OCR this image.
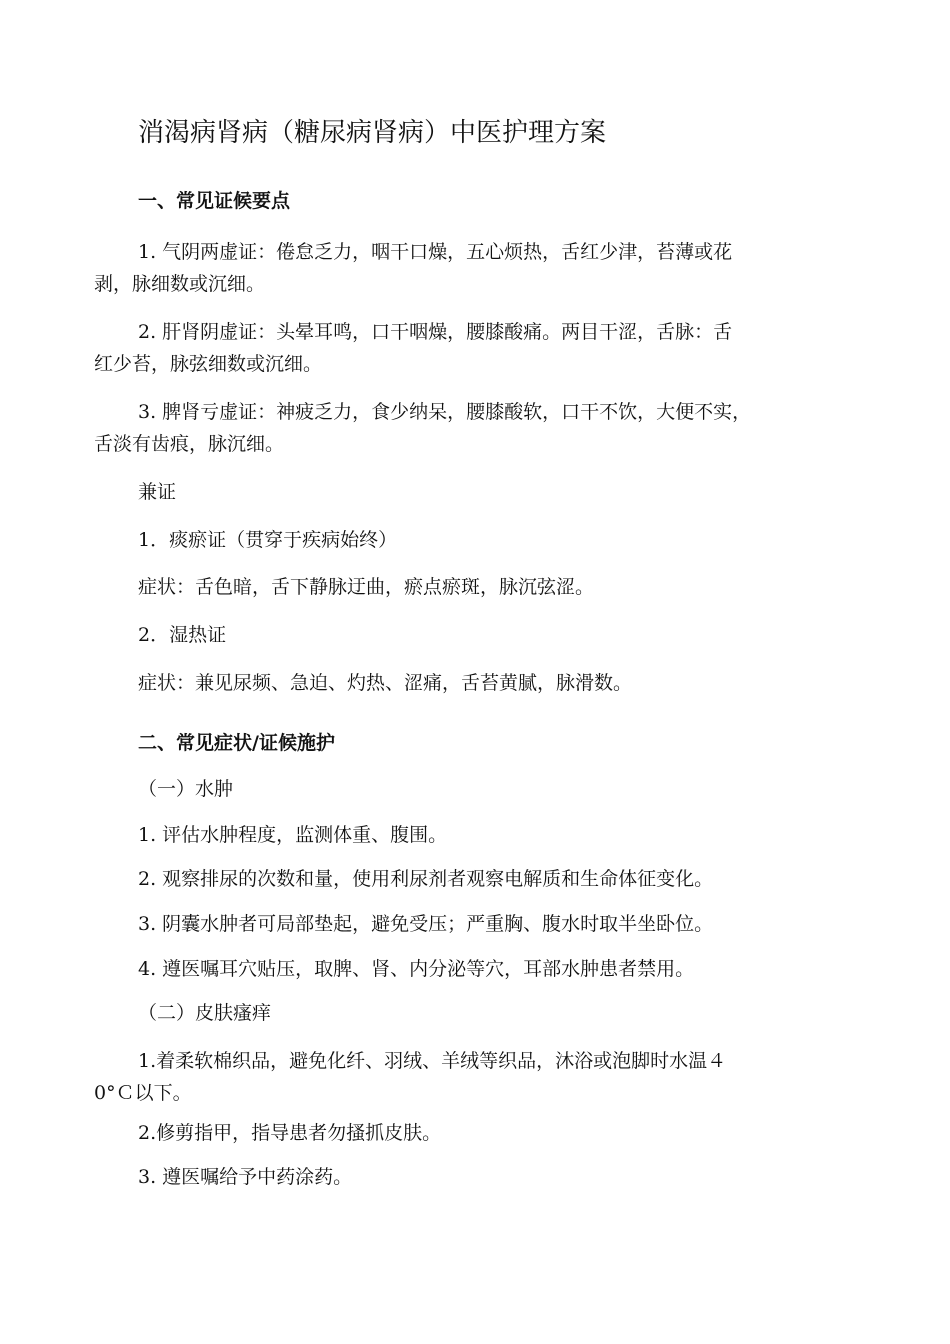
消渴病肾病（糖尿病肾病）中医护理方案
一、常见证候要点
1. 气阴两虚证：倦怠乏力，咽干口燥，五心烦热，舌红少津，苔薄或花
剥，脉细数或沉细。
2. 肝肾阴虚证：头晕耳鸣，口干咽燥，腰膝酸痛。两目干涩，舌脉：舌
红少苔，脉弦细数或沉细。
3. 脾肾亏虚证：神疲乏力，食少纳呆，腰膝酸软，口干不饮，大便不实，
舌淡有齿痕，脉沉细。

兼证

1．痰瘀证（贯穿于疾病始终）

症状：舌色暗，舌下静脉迂曲，瘀点瘀斑，脉沉弦涩。

2．湿热证

症状：兼见尿频、急迫、灼热、涩痛，舌苔黄腻，脉滑数。

二、常见症状/证候施护

（一）水肿

1. 评估水肿程度，监测体重、腹围。

2. 观察排尿的次数和量，使用利尿剂者观察电解质和生命体征变化。

3. 阴囊水肿者可局部垫起，避免受压；严重胸、腹水时取半坐卧位。

4. 遵医嘱耳穴贴压，取脾、肾、内分泌等穴，耳部水肿患者禁用。

（二）皮肤瘙痒

1.着柔软棉织品，避免化纤、羽绒、羊绒等织品，沐浴或泡脚时水温４
0°Ｃ以下。

2.修剪指甲，指导患者勿搔抓皮肤。

3. 遵医嘱给予中药涂药。
